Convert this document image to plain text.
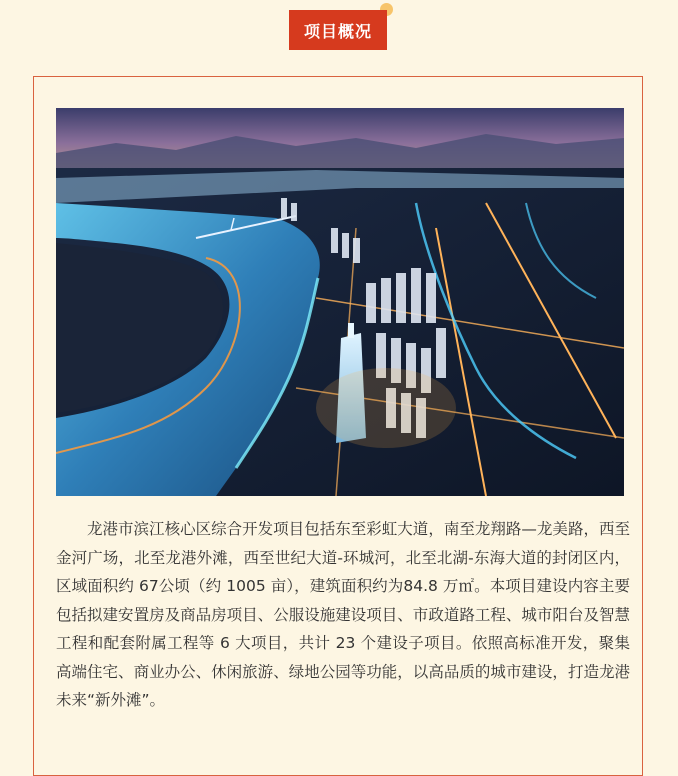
项目概况

龙港市滨江核心区综合开发项目包括东至彩虹大道，南至龙翔路—龙美路，西至金河广场，北至龙港外滩，西至世纪大道-环城河，北至北湖-东海大道的封闭区内，区域面积约 67公顷（约 1005 亩），建筑面积约为84.8 万㎡。本项目建设内容主要包括拟建安置房及商品房项目、公服设施建设项目、市政道路工程、城市阳台及智慧工程和配套附属工程等 6 大项目，共计 23 个建设子项目。依照高标准开发，聚集高端住宅、商业办公、休闲旅游、绿地公园等功能，以高品质的城市建设，打造龙港未来“新外滩”。
